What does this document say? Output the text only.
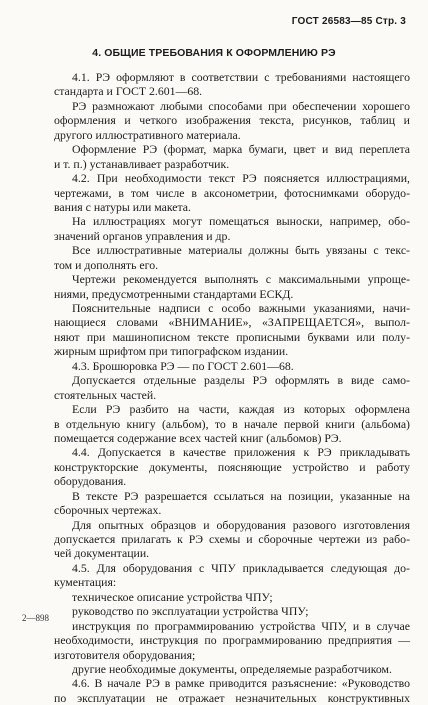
ГОСТ 26583—85 Стр. 3
4. ОБЩИЕ ТРЕБОВАНИЯ К ОФОРМЛЕНИЮ РЭ
4.1. РЭ оформляют в соответствии с требованиями настоящего
стандарта и ГОСТ 2.601—68.
РЭ размножают любыми способами при обеспечении хорошего
оформления и четкого изображения текста, рисунков, таблиц и
другого иллюстративного материала.
Оформление РЭ (формат, марка бумаги, цвет и вид переплета
и т. п.) устанавливает разработчик.
4.2. При необходимости текст РЭ поясняется иллюстрациями,
чертежами, в том числе в аксонометрии, фотоснимками оборудо-
вания с натуры или макета.
На иллюстрациях могут помещаться выноски, например, обо-
значений органов управления и др.
Все иллюстративные материалы должны быть увязаны с текс-
том и дополнять его.
Чертежи рекомендуется выполнять с максимальными упроще-
ниями, предусмотренными стандартами ЕСКД.
Пояснительные надписи с особо важными указаниями, начи-
нающиеся словами «ВНИМАНИЕ», «ЗАПРЕЩАЕТСЯ», выпол-
няют при машинописном тексте прописными буквами или полу-
жирным шрифтом при типографском издании.
4.3. Брошюровка РЭ — по ГОСТ 2.601—68.
Допускается отдельные разделы РЭ оформлять в виде само-
стоятельных частей.
Если РЭ разбито на части, каждая из которых оформлена
в отдельную книгу (альбом), то в начале первой книги (альбома)
помещается содержание всех частей книг (альбомов) РЭ.
4.4. Допускается в качестве приложения к РЭ прикладывать
конструкторские документы, поясняющие устройство и работу
оборудования.
В тексте РЭ разрешается ссылаться на позиции, указанные на
сборочных чертежах.
Для опытных образцов и оборудования разового изготовления
допускается прилагать к РЭ схемы и сборочные чертежи из рабо-
чей документации.
4.5. Для оборудования с ЧПУ прикладывается следующая до-
кументация:
техническое описание устройства ЧПУ;
руководство по эксплуатации устройства ЧПУ;
инструкция по программированию устройства ЧПУ, и в случае
необходимости, инструкция по программированию предприятия —
изготовителя оборудования;
другие необходимые документы, определяемые разработчиком.
4.6. В начале РЭ в рамке приводится разъяснение: «Руководство
по эксплуатации не отражает незначительных конструктивных
2—898
